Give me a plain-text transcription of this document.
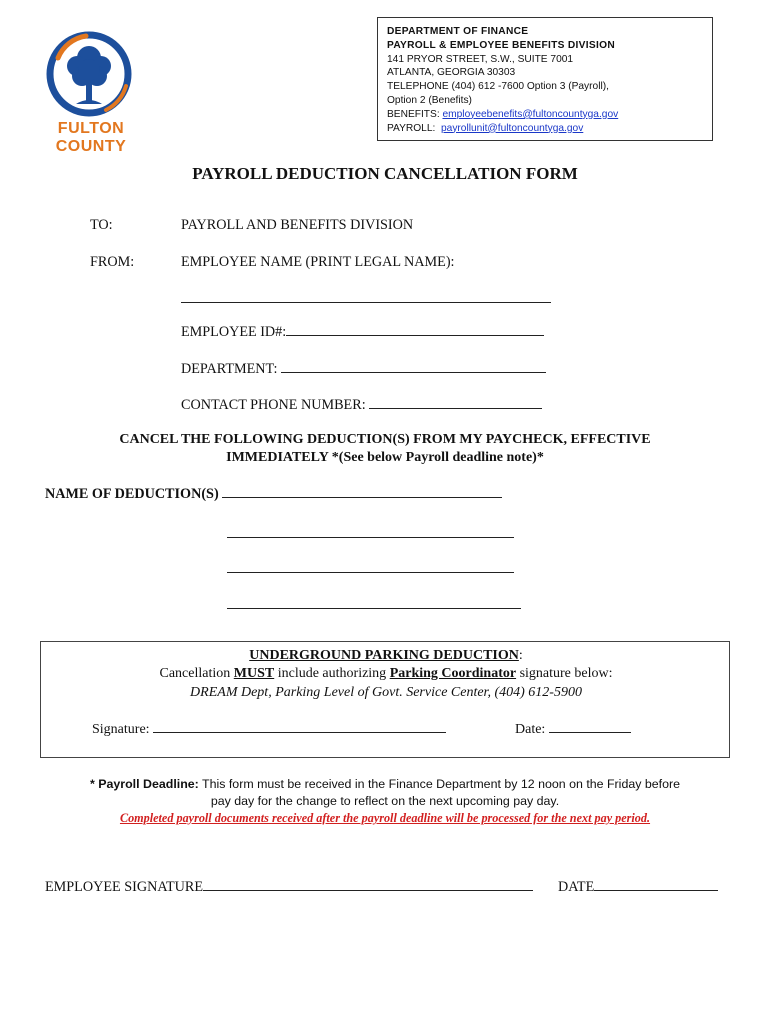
FULTON
COUNTY
DEPARTMENT OF FINANCE
PAYROLL & EMPLOYEE BENEFITS DIVISION
141 PRYOR STREET, S.W., SUITE 7001
ATLANTA, GEORGIA 30303
TELEPHONE (404) 612 -7600 Option 3 (Payroll),
Option 2 (Benefits)
BENEFITS: employeebenefits@fultoncountyga.gov
PAYROLL:  payrollunit@fultoncountyga.gov
PAYROLL DEDUCTION CANCELLATION FORM
TO:	PAYROLL AND BENEFITS DIVISION
FROM:	EMPLOYEE NAME (PRINT LEGAL NAME):
EMPLOYEE ID#:
DEPARTMENT:
CONTACT PHONE NUMBER:
CANCEL THE FOLLOWING DEDUCTION(S) FROM MY PAYCHECK, EFFECTIVE
IMMEDIATELY *(See below Payroll deadline note)*
NAME OF DEDUCTION(S)
UNDERGROUND PARKING DEDUCTION:
Cancellation MUST include authorizing Parking Coordinator signature below:
DREAM Dept, Parking Level of Govt. Service Center, (404) 612-5900
Signature:	Date:
* Payroll Deadline: This form must be received in the Finance Department by 12 noon on the Friday before
pay day for the change to reflect on the next upcoming pay day.
Completed payroll documents received after the payroll deadline will be processed for the next pay period.
EMPLOYEE SIGNATURE	DATE
